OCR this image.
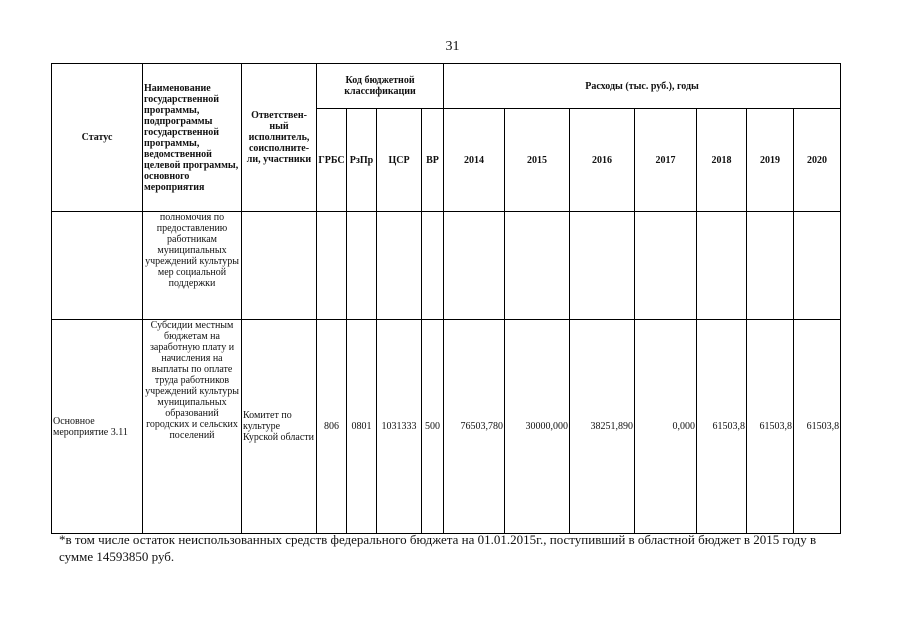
31
Статус	Наименование государственной программы, подпрограммы государственной программы, ведомственной целевой программы, основного мероприятия	Ответствен-ный исполнитель, соисполните-ли, участники	Код бюджетной классификации				Расходы (тыс. руб.), годы						
			ГРБС	РзПр	ЦСР	ВР	2014	2015	2016	2017	2018	2019	2020
	полномочия по предоставлению работникам муниципальных учреждений культуры мер социальной поддержки												
Основное мероприятие 3.11	Субсидии местным бюджетам на заработную плату и начисления на выплаты по оплате труда работников учреждений культуры муниципальных образований городских и сельских поселений	Комитет по культуре Курской области	806	0801	1031333	500	76503,780	30000,000	38251,890	0,000	61503,8	61503,8	61503,8
*в том числе остаток неиспользованных средств федерального бюджета на 01.01.2015г., поступивший в областной бюджет в 2015 году в сумме 14593850 руб.
